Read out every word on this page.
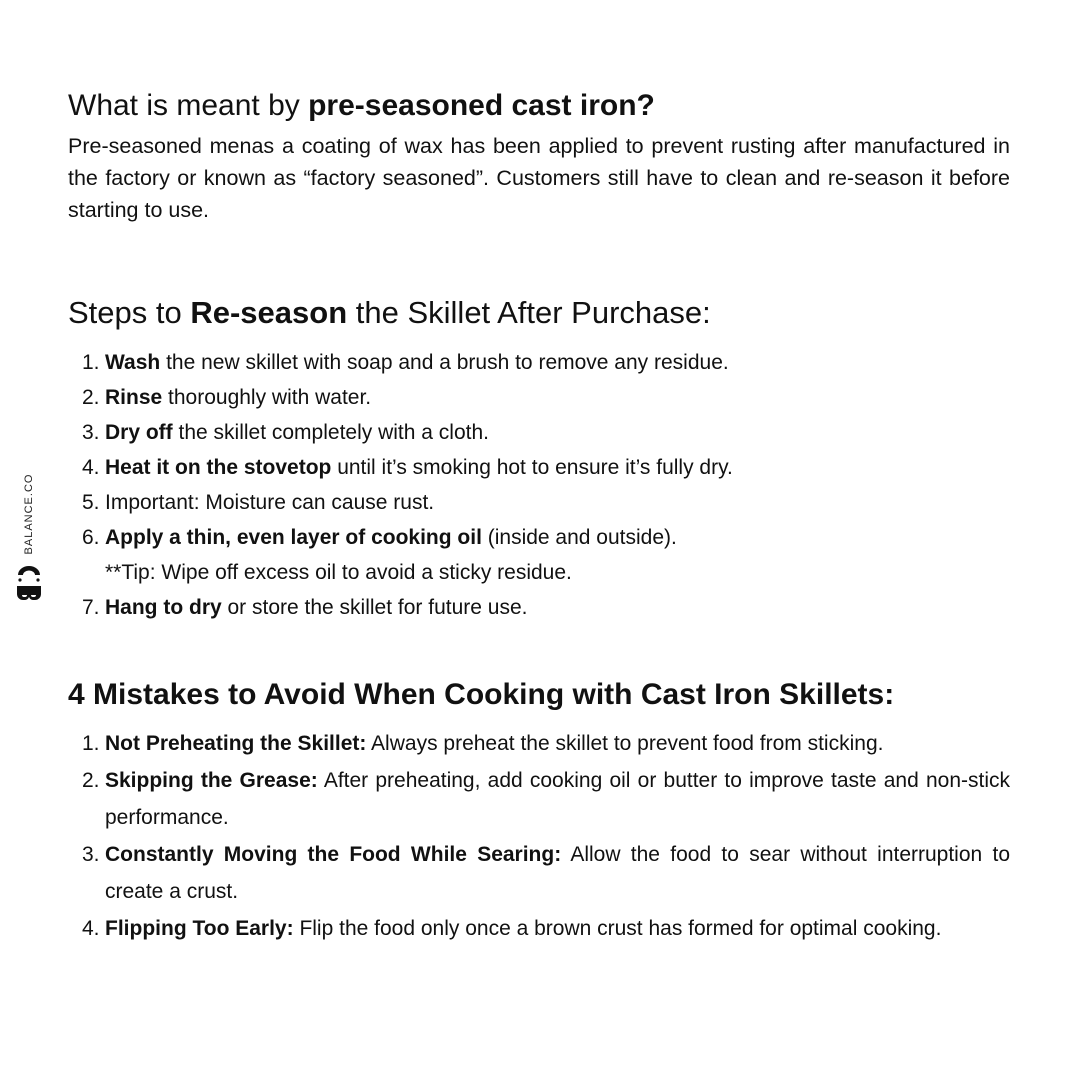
BALANCE.CO
What is meant by pre-seasoned cast iron?

Pre-seasoned menas a coating of wax has been applied to prevent rusting after manufactured in the factory or known as “factory seasoned”. Customers still have to clean and re-season it before starting to use.

Steps to Re-season the Skillet After Purchase:
1. Wash the new skillet with soap and a brush to remove any residue.
2. Rinse thoroughly with water.
3. Dry off the skillet completely with a cloth.
4. Heat it on the stovetop until it’s smoking hot to ensure it’s fully dry.
5. Important: Moisture can cause rust.
6. Apply a thin, even layer of cooking oil (inside and outside).
**Tip: Wipe off excess oil to avoid a sticky residue.
7. Hang to dry or store the skillet for future use.
4 Mistakes to Avoid When Cooking with Cast Iron Skillets:
1. Not Preheating the Skillet: Always preheat the skillet to prevent food from sticking.
2. Skipping the Grease: After preheating, add cooking oil or butter to improve taste and non-stick performance.
3. Constantly Moving the Food While Searing: Allow the food to sear without interruption to create a crust.
4. Flipping Too Early: Flip the food only once a brown crust has formed for optimal cooking.
